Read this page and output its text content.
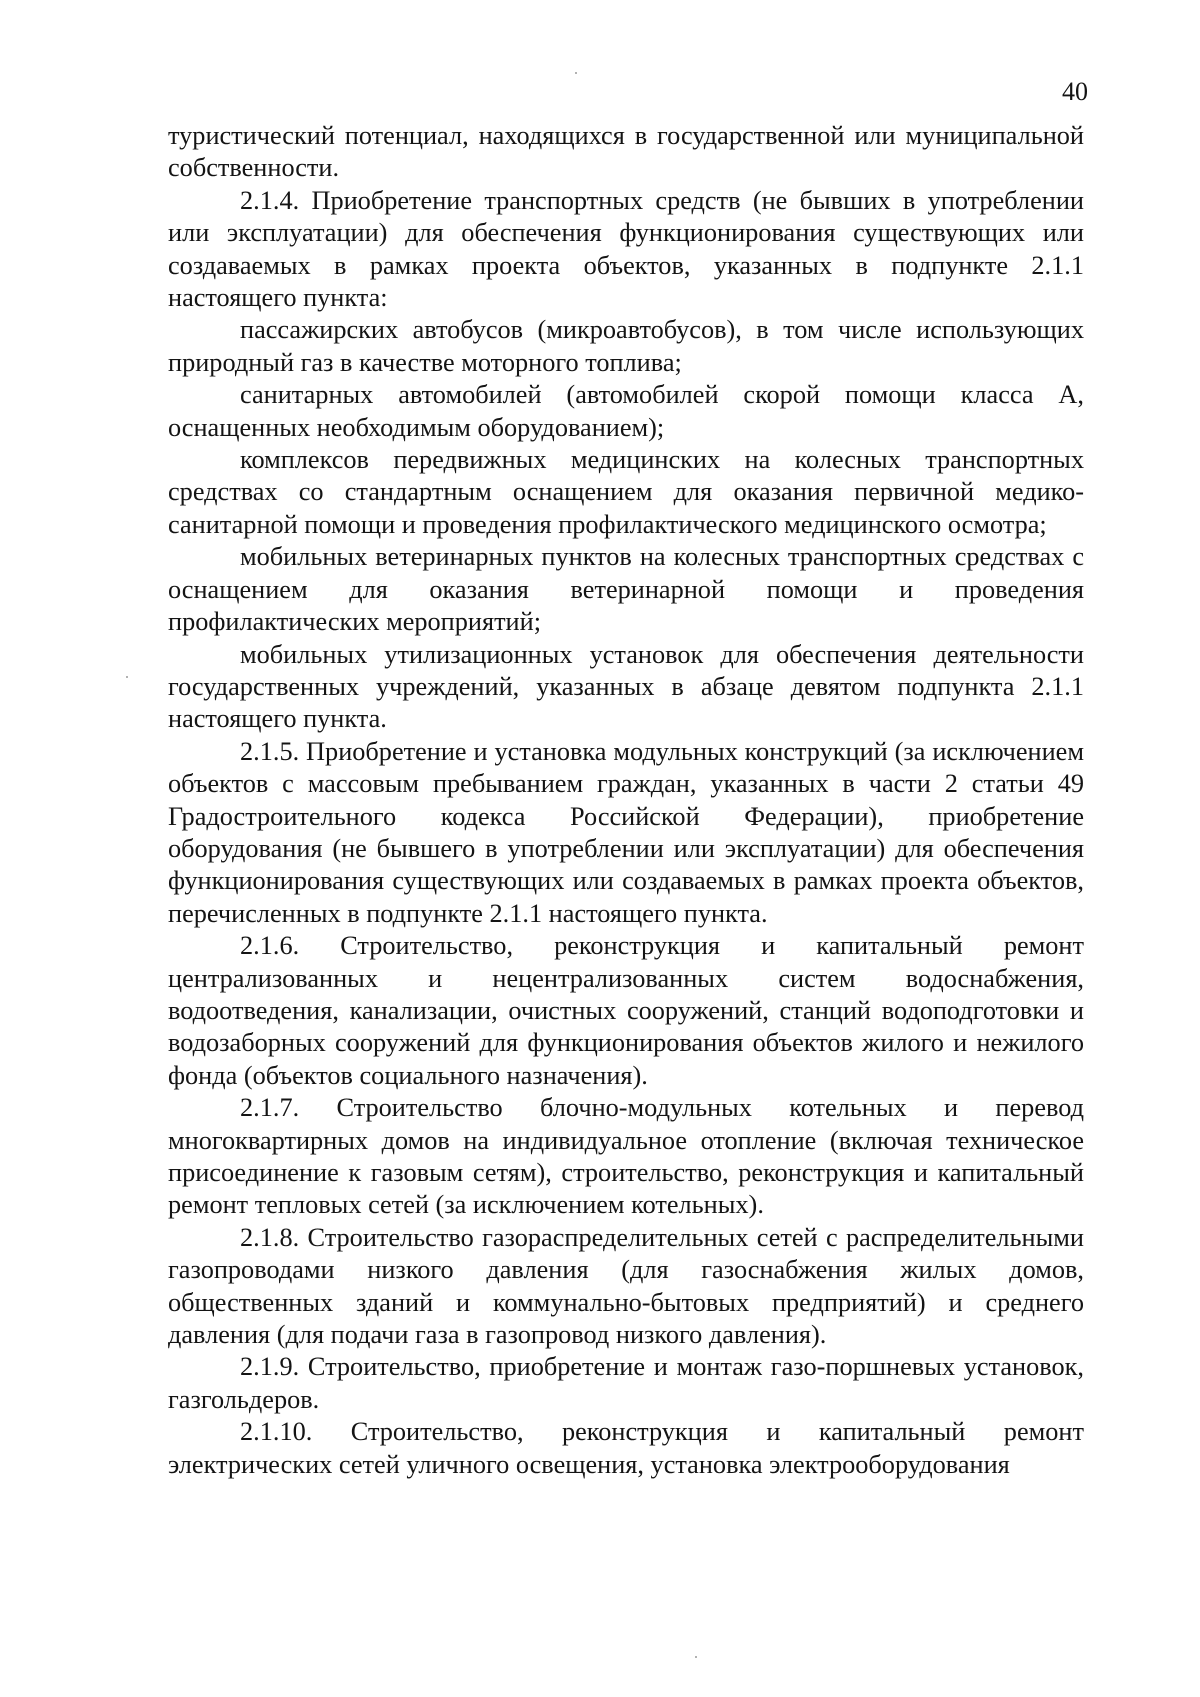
40

туристический потенциал, находящихся в государственной или муниципальной собственности.

2.1.4. Приобретение транспортных средств (не бывших в употреблении или эксплуатации) для обеспечения функционирования существующих или создаваемых в рамках проекта объектов, указанных в подпункте 2.1.1 настоящего пункта:

пассажирских автобусов (микроавтобусов), в том числе использующих природный газ в качестве моторного топлива;

санитарных автомобилей (автомобилей скорой помощи класса А, оснащенных необходимым оборудованием);

комплексов передвижных медицинских на колесных транспортных средствах со стандартным оснащением для оказания первичной медико-санитарной помощи и проведения профилактического медицинского осмотра;

мобильных ветеринарных пунктов на колесных транспортных средствах с оснащением для оказания ветеринарной помощи и проведения профилактических мероприятий;

мобильных утилизационных установок для обеспечения деятельности государственных учреждений, указанных в абзаце девятом подпункта 2.1.1 настоящего пункта.

2.1.5. Приобретение и установка модульных конструкций (за исключением объектов с массовым пребыванием граждан, указанных в части 2 статьи 49 Градостроительного кодекса Российской Федерации), приобретение оборудования (не бывшего в употреблении или эксплуатации) для обеспечения функционирования существующих или создаваемых в рамках проекта объектов, перечисленных в подпункте 2.1.1 настоящего пункта.

2.1.6. Строительство, реконструкция и капитальный ремонт централизованных и нецентрализованных систем водоснабжения, водоотведения, канализации, очистных сооружений, станций водоподготовки и водозаборных сооружений для функционирования объектов жилого и нежилого фонда (объектов социального назначения).

2.1.7. Строительство блочно-модульных котельных и перевод многоквартирных домов на индивидуальное отопление (включая техническое присоединение к газовым сетям), строительство, реконструкция и капитальный ремонт тепловых сетей (за исключением котельных).

2.1.8. Строительство газораспределительных сетей с распределительными газопроводами низкого давления (для газоснабжения жилых домов, общественных зданий и коммунально-бытовых предприятий) и среднего давления (для подачи газа в газопровод низкого давления).

2.1.9. Строительство, приобретение и монтаж газо-поршневых установок, газгольдеров.

2.1.10. Строительство, реконструкция и капитальный ремонт электрических сетей уличного освещения, установка электрооборудования
